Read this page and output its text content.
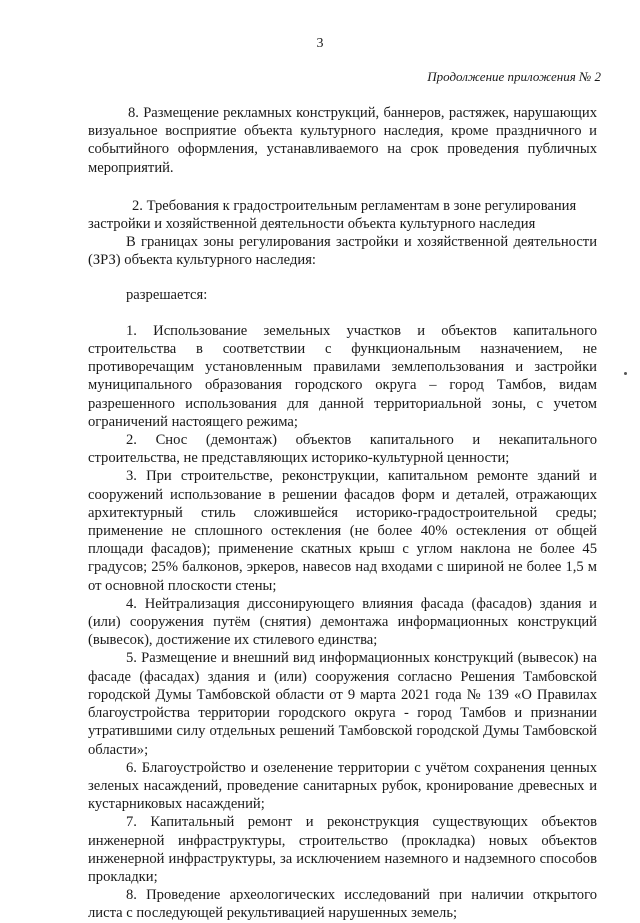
3
Продолжение приложения № 2

8. Размещение рекламных конструкций, баннеров, растяжек, нарушающих визуальное восприятие объекта культурного наследия, кроме праздничного и событийного оформления, устанавливаемого на срок проведения публичных мероприятий.

2. Требования к градостроительным регламентам в зоне регулирования
застройки и хозяйственной деятельности объекта культурного наследия

В границах зоны регулирования застройки и хозяйственной деятельности (ЗРЗ) объекта культурного наследия:

разрешается:

1. Использование земельных участков и объектов капитального строительства в соответствии с функциональным назначением, не противоречащим установленным правилами землепользования и застройки муниципального образования городского округа – город Тамбов, видам разрешенного использования для данной территориальной зоны, с учетом ограничений настоящего режима;

2. Снос (демонтаж) объектов капитального и некапитального строительства, не представляющих историко-культурной ценности;

3. При строительстве, реконструкции, капитальном ремонте зданий и сооружений использование в решении фасадов форм и деталей, отражающих архитектурный стиль сложившейся историко-градостроительной среды; применение не сплошного остекления (не более 40% остекления от общей площади фасадов); применение скатных крыш с углом наклона не более 45 градусов; 25% балконов, эркеров, навесов над входами с шириной не более 1,5 м от основной плоскости стены;

4. Нейтрализация диссонирующего влияния фасада (фасадов) здания и (или) сооружения путём (снятия) демонтажа информационных конструкций (вывесок), достижение их стилевого единства;

5. Размещение и внешний вид информационных конструкций (вывесок) на фасаде (фасадах) здания и (или) сооружения согласно Решения Тамбовской городской Думы Тамбовской области от 9 марта 2021 года № 139 «О Правилах благоустройства территории городского округа - город Тамбов и признании утратившими силу отдельных решений Тамбовской городской Думы Тамбовской области»;

6. Благоустройство и озеленение территории с учётом сохранения ценных зеленых насаждений, проведение санитарных рубок, кронирование древесных и кустарниковых насаждений;

7. Капитальный ремонт и реконструкция существующих объектов инженерной инфраструктуры, строительство (прокладка) новых объектов инженерной инфраструктуры, за исключением наземного и надземного способов прокладки;

8. Проведение археологических исследований при наличии открытого листа с последующей рекультивацией нарушенных земель;
